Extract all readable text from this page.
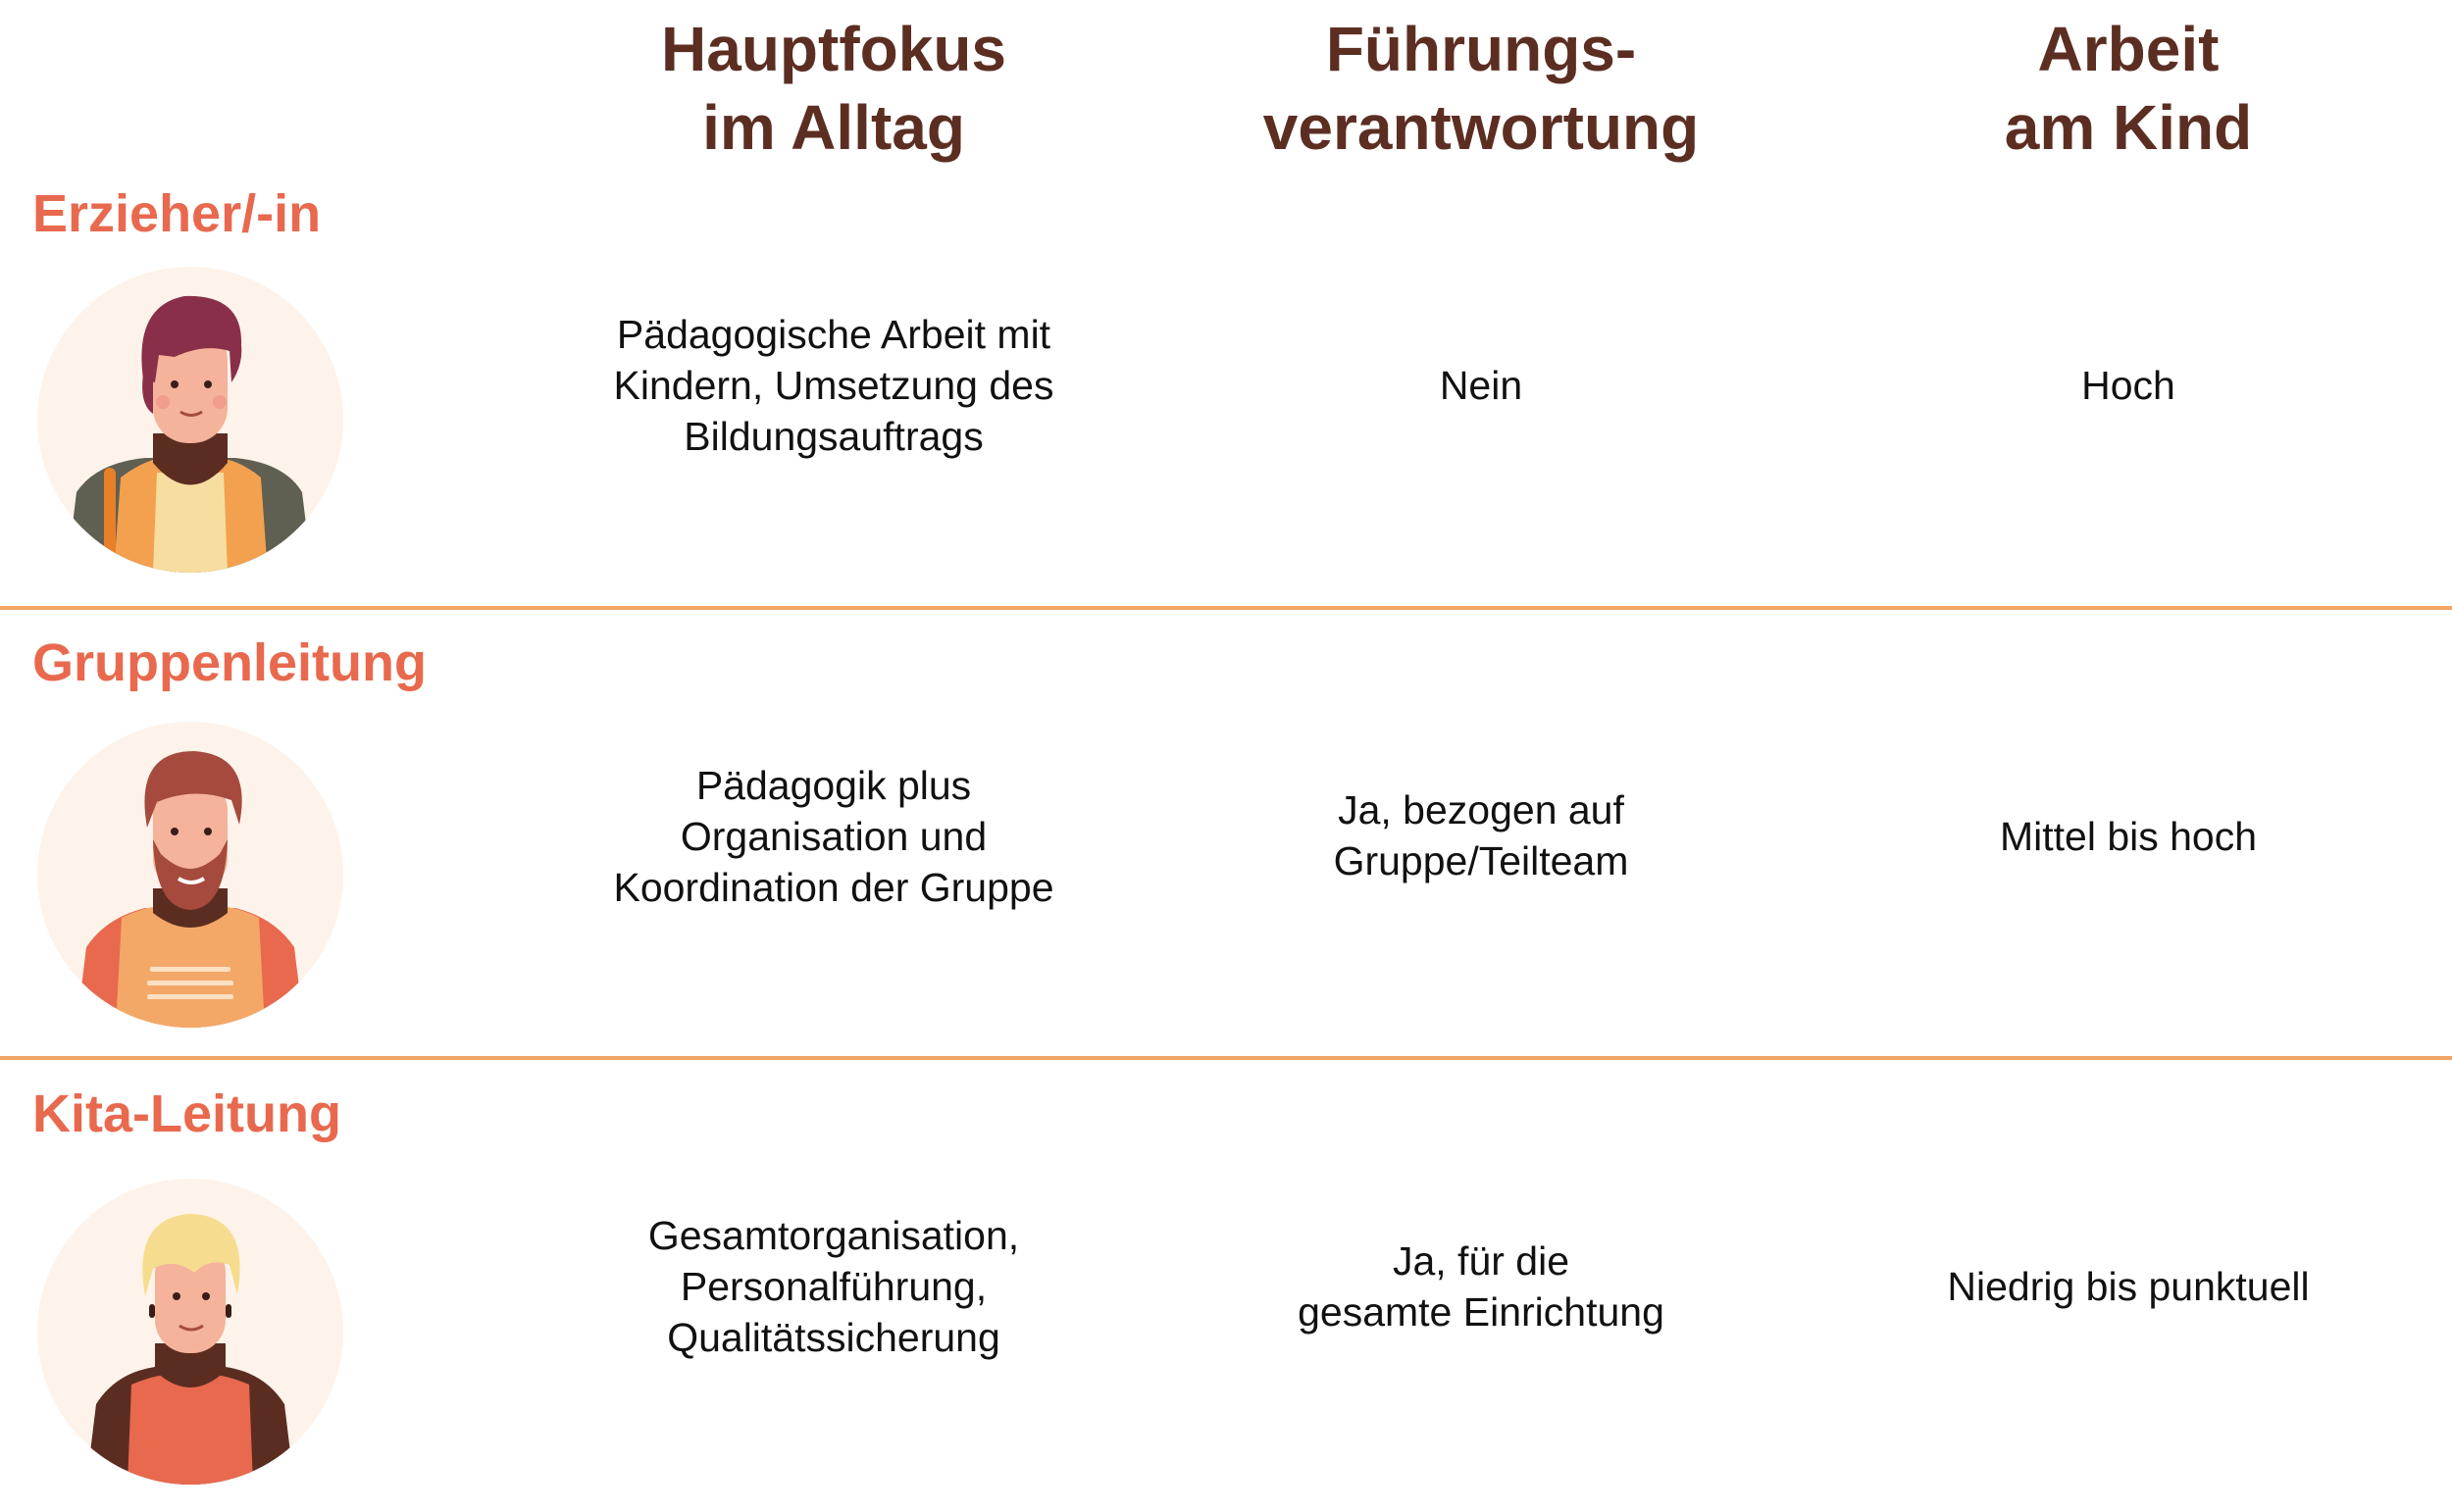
Hauptfokus
im Alltag
Führungs-
verantwortung
Arbeit
am Kind
Erzieher/-in
Pädagogische Arbeit mit
Kindern, Umsetzung des
Bildungsauftrags
Nein	Hoch
Gruppenleitung
Pädagogik plus
Organisation und
Koordination der Gruppe
Ja, bezogen auf
Gruppe/Teilteam
Mittel bis hoch
Kita-Leitung
Gesamtorganisation,
Personalführung,
Qualitätssicherung
Ja, für die
gesamte Einrichtung
Niedrig bis punktuell
